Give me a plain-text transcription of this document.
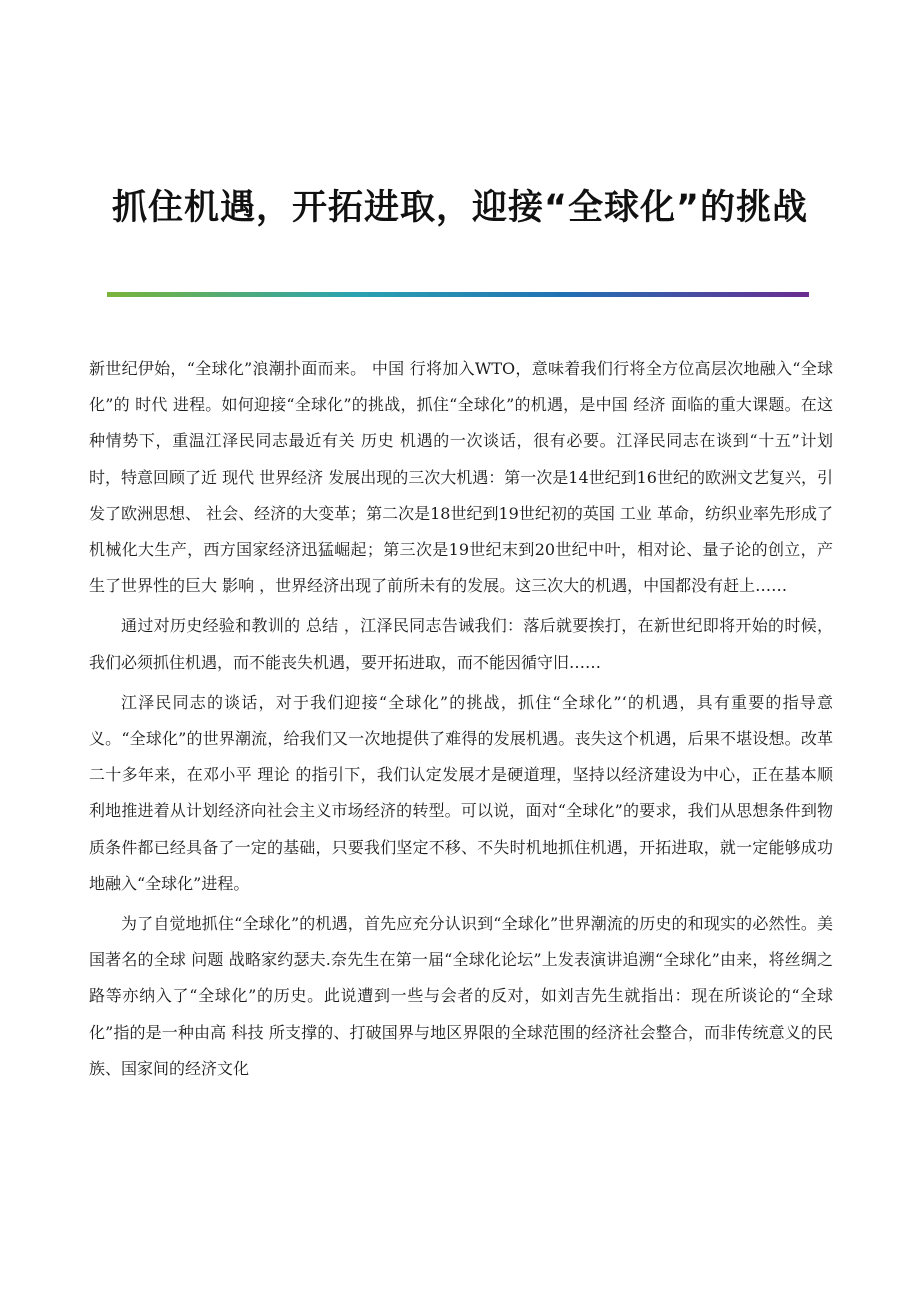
抓住机遇，开拓进取，迎接“全球化”的挑战

新世纪伊始，“全球化”浪潮扑面而来。 中国 行将加入WTO，意味着我们行将全方位高层次地融入“全球化”的 时代 进程。如何迎接“全球化”的挑战，抓住“全球化”的机遇，是中国 经济 面临的重大课题。在这种情势下，重温江泽民同志最近有关 历史 机遇的一次谈话，很有必要。江泽民同志在谈到“十五”计划时，特意回顾了近 现代 世界经济 发展出现的三次大机遇：第一次是14世纪到16世纪的欧洲文艺复兴，引发了欧洲思想、 社会、经济的大变革；第二次是18世纪到19世纪初的英国 工业 革命，纺织业率先形成了机械化大生产，西方国家经济迅猛崛起；第三次是19世纪末到20世纪中叶，相对论、量子论的创立，产生了世界性的巨大 影响 ，世界经济出现了前所未有的发展。这三次大的机遇，中国都没有赶上……

通过对历史经验和教训的 总结 ，江泽民同志告诫我们：落后就要挨打，在新世纪即将开始的时候，我们必须抓住机遇，而不能丧失机遇，要开拓进取，而不能因循守旧……

江泽民同志的谈话，对于我们迎接“全球化”的挑战，抓住“全球化”‘的机遇，具有重要的指导意义。“全球化”的世界潮流，给我们又一次地提供了难得的发展机遇。丧失这个机遇，后果不堪设想。改革二十多年来，在邓小平 理论 的指引下，我们认定发展才是硬道理，坚持以经济建设为中心，正在基本顺利地推进着从计划经济向社会主义市场经济的转型。可以说，面对“全球化”的要求，我们从思想条件到物质条件都已经具备了一定的基础，只要我们坚定不移、不失时机地抓住机遇，开拓进取，就一定能够成功地融入“全球化”进程。

为了自觉地抓住“全球化”的机遇，首先应充分认识到“全球化”世界潮流的历史的和现实的必然性。美国著名的全球 问题 战略家约瑟夫.奈先生在第一届“全球化论坛”上发表演讲追溯“全球化”由来，将丝绸之路等亦纳入了“全球化”的历史。此说遭到一些与会者的反对，如刘吉先生就指出：现在所谈论的“全球化”指的是一种由高 科技 所支撑的、打破国界与地区界限的全球范围的经济社会整合，而非传统意义的民族、国家间的经济文化
